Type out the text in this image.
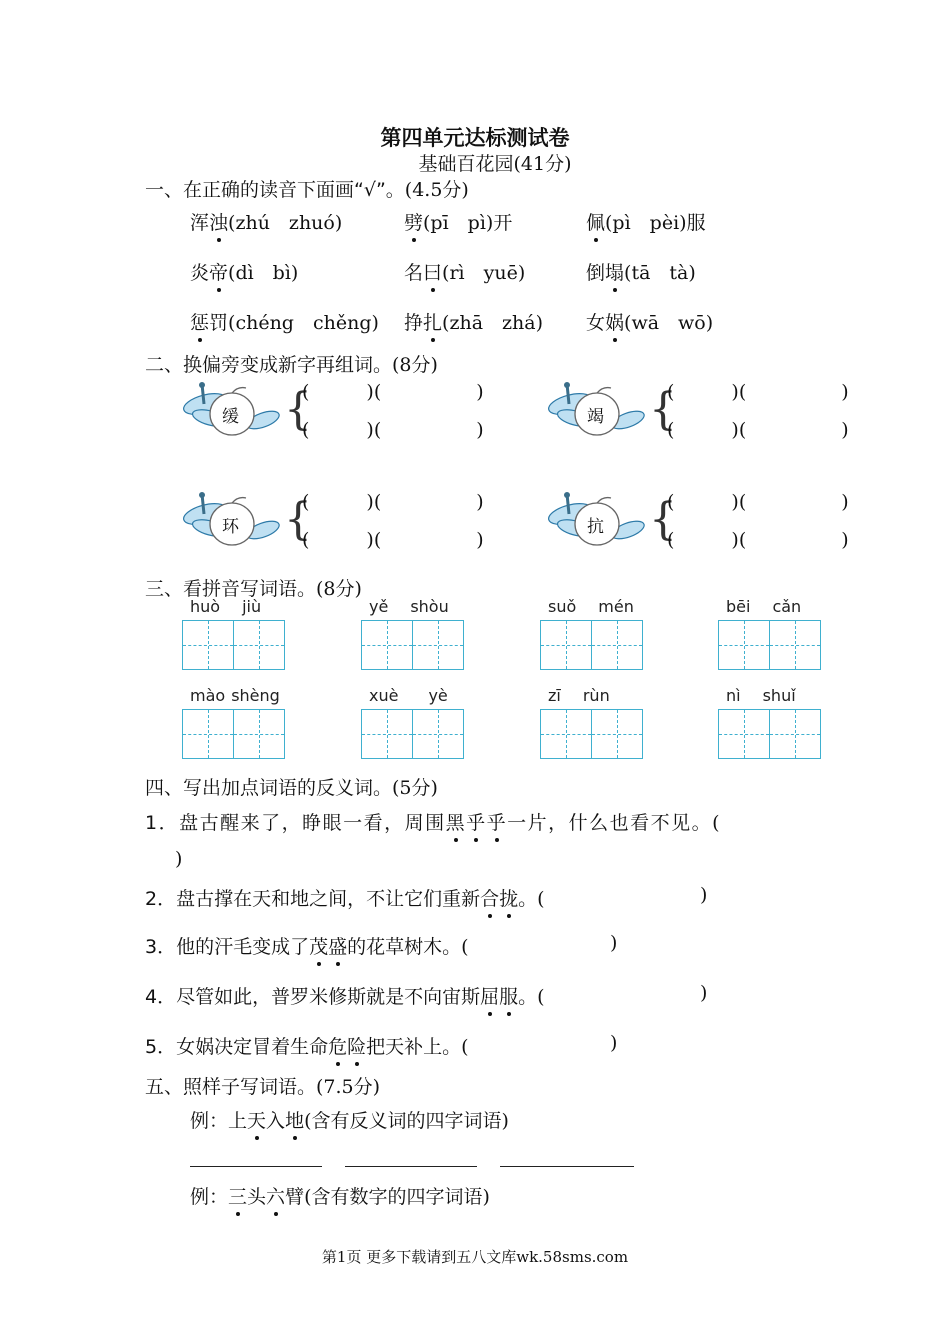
第四单元达标测试卷
基础百花园(41分)
一、在正确的读音下面画“√”。(4.5分)
浑浊(zhú　zhuó)	劈(pī　pì)开	佩(pì　pèi)服
炎帝(dì　bì)	名曰(rì　yuē)	倒塌(tā　tà)
惩罚(chéng　chěng) 挣扎(zhā　zhá) 女娲(wā　wō)
二、换偏旁变成新字再组词。(8分)
缓 {
(　　　)(　　　　　)
(　　　)(　　　　　)
竭 {
(　　　)(　　　　　)
(　　　)(　　　　　)
环 {
(　　　)(　　　　　)
(　　　)(　　　　　)
抗 {
(　　　)(　　　　　)
(　　　)(　　　　　)
三、看拼音写词语。(8分)
huò jiù	yě shòu	suǒ mén	bēi cǎn
mào shèng	xuè yè	zī rùn	nì shuǐ
四、写出加点词语的反义词。(5分)
1．盘古醒来了，睁眼一看，周围黑乎乎一片，什么也看不见。(
)
2．盘古撑在天和地之间，不让它们重新合拢。(	)
3．他的汗毛变成了茂盛的花草树木。(	)
4．尽管如此，普罗米修斯就是不向宙斯屈服。(	)
5．女娲决定冒着生命危险把天补上。(	)
五、照样子写词语。(7.5分)
例：上天入地(含有反义词的四字词语)
例：三头六臂(含有数字的四字词语)
第1页 更多下载请到五八文库wk.58sms.com
